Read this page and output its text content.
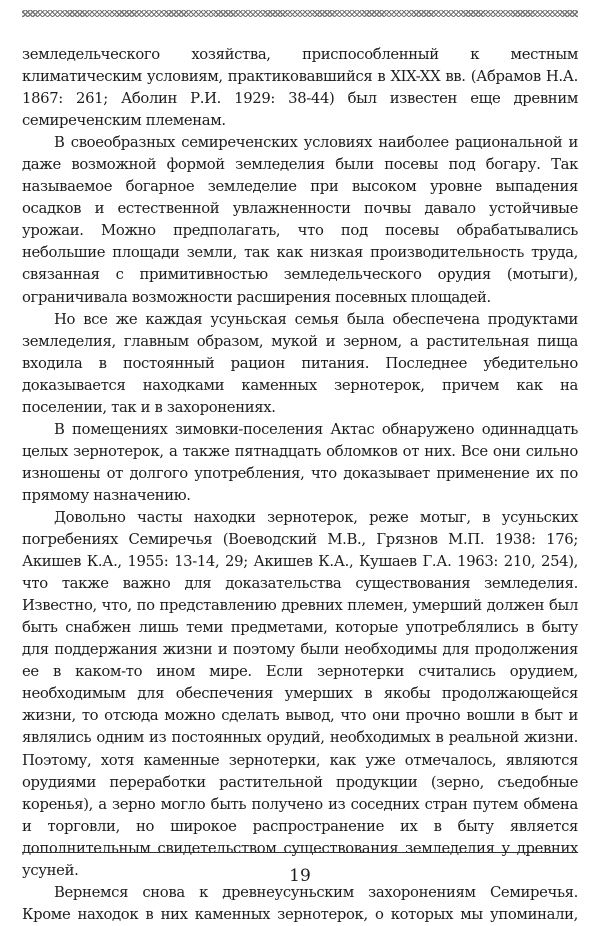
земледельческого хозяйства, приспособленный к местным климатическим условиям, практиковавшийся в XIX-XX вв. (Абрамов Н.А. 1867: 261; Аболин Р.И. 1929: 38-44) был известен еще древним семиреченским племенам.

В своеобразных семиреченских условиях наиболее рациональной и даже возможной формой земледелия были посевы под богару. Так называемое богарное земледелие при высоком уровне выпадения осадков и естественной увлажненности почвы давало устойчивые урожаи. Можно предполагать, что под посевы обрабатывались небольшие площади земли, так как низкая производительность труда, связанная с примитивностью земледельческого орудия (мотыги), ограничивала возможности расширения посевных площадей.

Но все же каждая усуньская семья была обеспечена продуктами земледелия, главным образом, мукой и зерном, а растительная пища входила в постоянный рацион питания. Последнее убедительно доказывается находками каменных зернотерок, причем как на поселении, так и в захоронениях.

В помещениях зимовки-поселения Актас обнаружено одиннадцать целых зернотерок, а также пятнадцать обломков от них. Все они сильно изношены от долгого употребления, что доказывает применение их по прямому назначению.

Довольно часты находки зернотерок, реже мотыг, в усуньских погребениях Семиречья (Воеводский М.В., Грязнов М.П. 1938: 176; Акишев К.А., 1955: 13-14, 29; Акишев К.А., Кушаев Г.А. 1963: 210, 254), что также важно для доказательства существования земледелия. Известно, что, по представлению древних племен, умерший должен был быть снабжен лишь теми предметами, которые употреблялись в быту для поддержания жизни и поэтому были необходимы для продолжения ее в каком-то ином мире. Если зернотерки считались орудием, необходимым для обеспечения умерших в якобы продолжающейся жизни, то отсюда можно сделать вывод, что они прочно вошли в быт и являлись одним из постоянных орудий, необходимых в реальной жизни. Поэтому, хотя каменные зернотерки, как уже отмечалось, являются орудиями переработки растительной продукции (зерно, съедобные коренья), а зерно могло быть получено из соседних стран путем обмена и торговли, но широкое распространение их в быту является дополнительным свидетельством существования земледелия у древних усуней.

Вернемся снова к древнеусуньским захоронениям Семиречья. Кроме находок в них каменных зернотерок, о которых мы упоминали,

19
